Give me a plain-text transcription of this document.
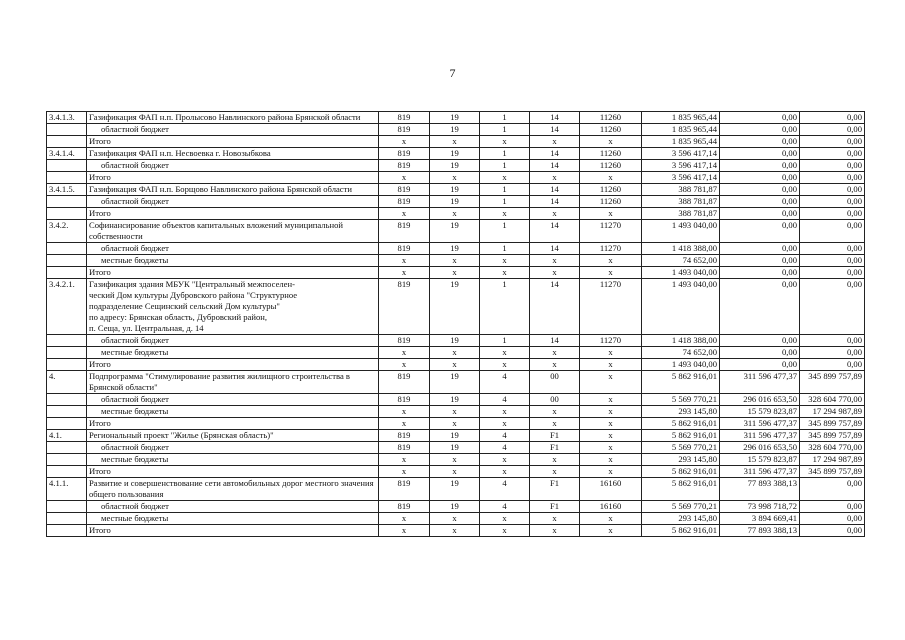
7
3.4.1.3.	Газификация ФАП н.п. Пролысово Навлинского района Брянской области	819	19	1	14	11260	1 835 965,44	0,00	0,00
	областной бюджет	819	19	1	14	11260	1 835 965,44	0,00	0,00
	Итого	х	х	х	х	х	1 835 965,44	0,00	0,00
3.4.1.4.	Газификация ФАП н.п. Несвоевка г. Новозыбкова	819	19	1	14	11260	3 596 417,14	0,00	0,00
	областной бюджет	819	19	1	14	11260	3 596 417,14	0,00	0,00
	Итого	х	х	х	х	х	3 596 417,14	0,00	0,00
3.4.1.5.	Газификация ФАП н.п. Борщово Навлинского района Брянской области	819	19	1	14	11260	388 781,87	0,00	0,00
	областной бюджет	819	19	1	14	11260	388 781,87	0,00	0,00
	Итого	х	х	х	х	х	388 781,87	0,00	0,00
3.4.2.	Софинансирование объектов капитальных вложений муниципальной собственности	819	19	1	14	11270	1 493 040,00	0,00	0,00
	областной бюджет	819	19	1	14	11270	1 418 388,00	0,00	0,00
	местные бюджеты	х	х	х	х	х	74 652,00	0,00	0,00
	Итого	х	х	х	х	х	1 493 040,00	0,00	0,00
3.4.2.1.	Газификация здания МБУК "Центральный межпоселен-
ческий Дом культуры Дубровского района "Структурное
подразделение Сещинский сельский Дом культуры"
по адресу: Брянская область, Дубровский район,
п. Сеща, ул. Центральная, д. 14	819	19	1	14	11270	1 493 040,00	0,00	0,00
	областной бюджет	819	19	1	14	11270	1 418 388,00	0,00	0,00
	местные бюджеты	х	х	х	х	х	74 652,00	0,00	0,00
	Итого	х	х	х	х	х	1 493 040,00	0,00	0,00
4.	Подпрограмма "Стимулирование развития жилищного строительства в Брянской области"	819	19	4	00	х	5 862 916,01	311 596 477,37	345 899 757,89
	областной бюджет	819	19	4	00	х	5 569 770,21	296 016 653,50	328 604 770,00
	местные бюджеты	х	х	х	х	х	293 145,80	15 579 823,87	17 294 987,89
	Итого	х	х	х	х	х	5 862 916,01	311 596 477,37	345 899 757,89
4.1.	Региональный проект "Жилье (Брянская область)"	819	19	4	F1	х	5 862 916,01	311 596 477,37	345 899 757,89
	областной бюджет	819	19	4	F1	х	5 569 770,21	296 016 653,50	328 604 770,00
	местные бюджеты	х	х	х	х	х	293 145,80	15 579 823,87	17 294 987,89
	Итого	х	х	х	х	х	5 862 916,01	311 596 477,37	345 899 757,89
4.1.1.	Развитие и совершенствование сети автомобильных дорог местного значения общего пользования	819	19	4	F1	16160	5 862 916,01	77 893 388,13	0,00
	областной бюджет	819	19	4	F1	16160	5 569 770,21	73 998 718,72	0,00
	местные бюджеты	х	х	х	х	х	293 145,80	3 894 669,41	0,00
	Итого	х	х	х	х	х	5 862 916,01	77 893 388,13	0,00
